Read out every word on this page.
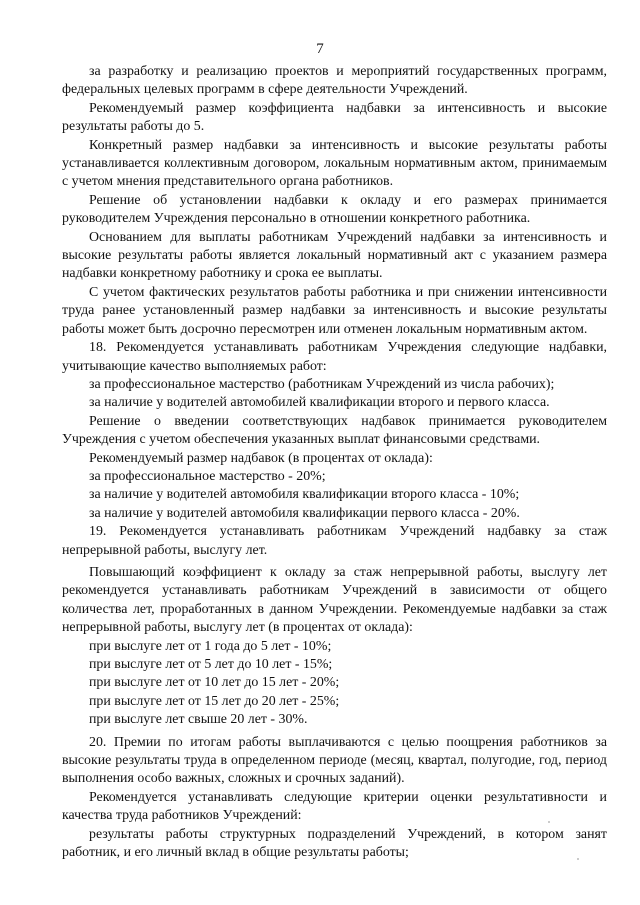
7

за разработку и реализацию проектов и мероприятий государственных программ, федеральных целевых программ в сфере деятельности Учреждений.

Рекомендуемый размер коэффициента надбавки за интенсивность и высокие результаты работы до 5.

Конкретный размер надбавки за интенсивность и высокие результаты работы устанавливается коллективным договором, локальным нормативным актом, принимаемым с учетом мнения представительного органа работников.

Решение об установлении надбавки к окладу и его размерах принимается руководителем Учреждения персонально в отношении конкретного работника.

Основанием для выплаты работникам Учреждений надбавки за интенсивность и высокие результаты работы является локальный нормативный акт с указанием размера надбавки конкретному работнику и срока ее выплаты.

С учетом фактических результатов работы работника и при снижении интенсивности труда ранее установленный размер надбавки за интенсивность и высокие результаты работы может быть досрочно пересмотрен или отменен локальным нормативным актом.

18. Рекомендуется устанавливать работникам Учреждения следующие надбавки, учитывающие качество выполняемых работ:

за профессиональное мастерство (работникам Учреждений из числа рабочих);

за наличие у водителей автомобилей квалификации второго и первого класса.

Решение о введении соответствующих надбавок принимается руководителем Учреждения с учетом обеспечения указанных выплат финансовыми средствами.

Рекомендуемый размер надбавок (в процентах от оклада):

за профессиональное мастерство - 20%;

за наличие у водителей автомобиля квалификации второго класса - 10%;

за наличие у водителей автомобиля квалификации первого класса - 20%.

19. Рекомендуется устанавливать работникам Учреждений надбавку за стаж непрерывной работы, выслугу лет.

Повышающий коэффициент к окладу за стаж непрерывной работы, выслугу лет рекомендуется устанавливать работникам Учреждений в зависимости от общего количества лет, проработанных в данном Учреждении. Рекомендуемые надбавки за стаж непрерывной работы, выслугу лет (в процентах от оклада):

при выслуге лет от 1 года до 5 лет - 10%;

при выслуге лет от 5 лет до 10 лет - 15%;

при выслуге лет от 10 лет до 15 лет - 20%;

при выслуге лет от 15 лет до 20 лет - 25%;

при выслуге лет свыше 20 лет - 30%.

20. Премии по итогам работы выплачиваются с целью поощрения работников за высокие результаты труда в определенном периоде (месяц, квартал, полугодие, год, период выполнения особо важных, сложных и срочных заданий).

Рекомендуется устанавливать следующие критерии оценки результативности и качества труда работников Учреждений:

результаты работы структурных подразделений Учреждений, в котором занят работник, и его личный вклад в общие результаты работы;
